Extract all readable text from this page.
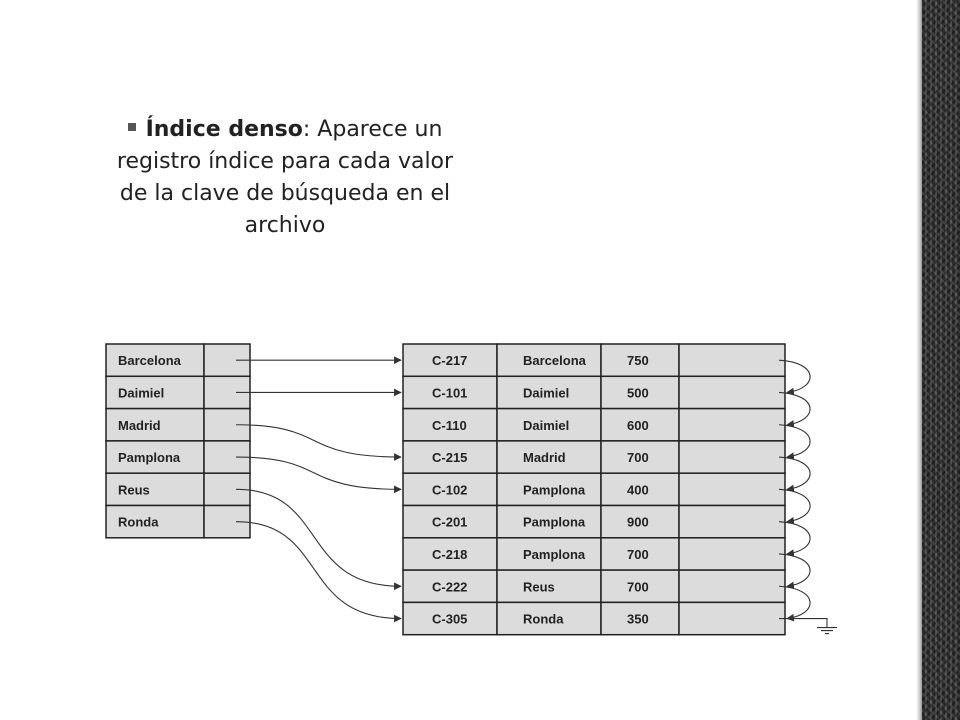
Índice denso: Aparece un registro índice para cada valor de la clave de búsqueda en el archivo
Barcelona
Daimiel
Madrid
Pamplona
Reus
Ronda
C-217	Barcelona	750
C-101	Daimiel	500
C-110	Daimiel	600
C-215	Madrid	700
C-102	Pamplona	400
C-201	Pamplona	900
C-218	Pamplona	700
C-222	Reus	700
C-305	Ronda	350
